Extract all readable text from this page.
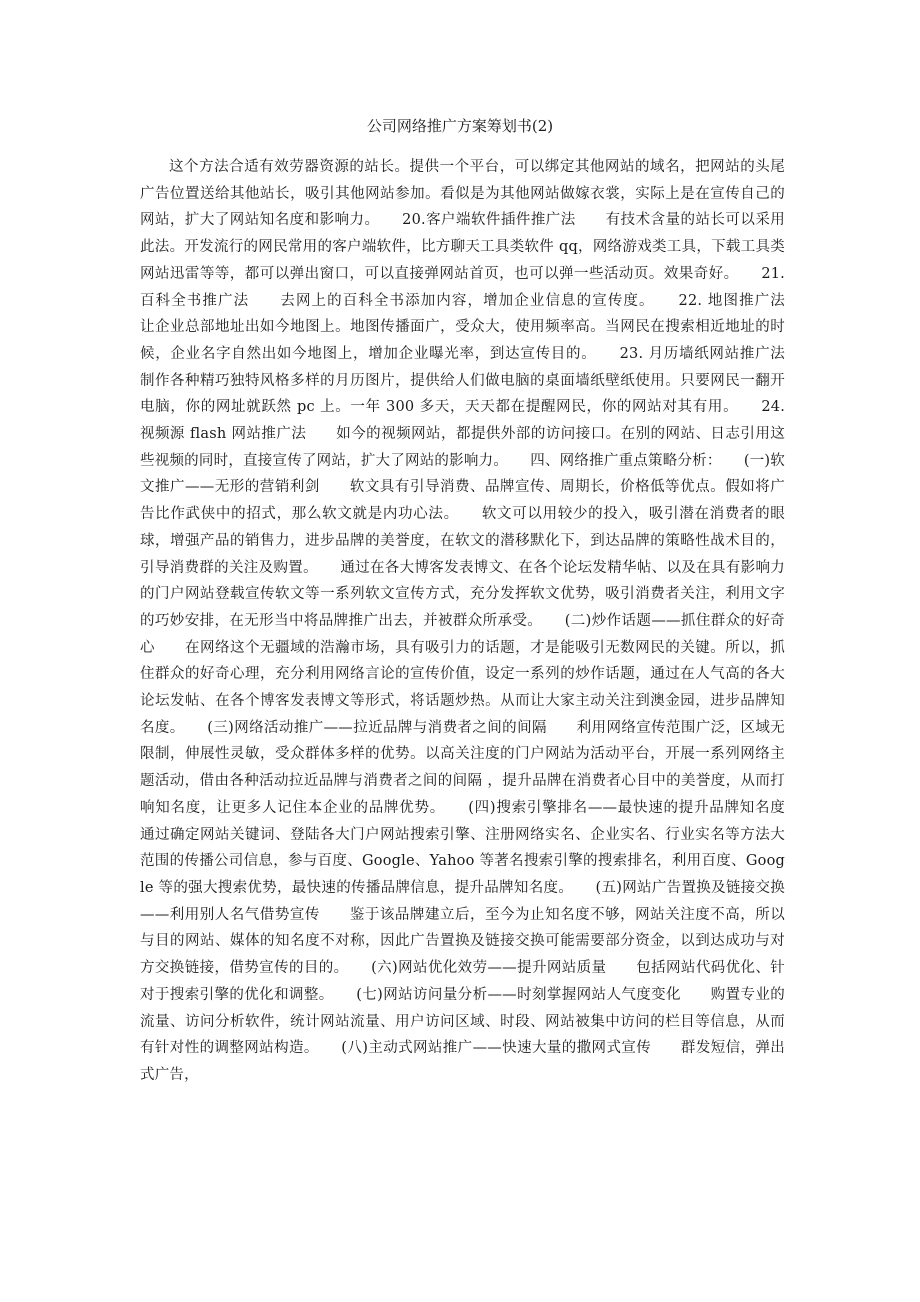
公司网络推广方案筹划书(2)
这个方法合适有效劳器资源的站长。提供一个平台，可以绑定其他网站的域名，把网站的头尾广告位置送给其他站长，吸引其他网站参加。看似是为其他网站做嫁衣裳，实际上是在宣传自己的网站，扩大了网站知名度和影响力。　　20.客户端软件插件推广法　　有技术含量的站长可以采用此法。开发流行的网民常用的客户端软件，比方聊天工具类软件 qq，网络游戏类工具，下载工具类网站迅雷等等，都可以弹出窗口，可以直接弹网站首页，也可以弹一些活动页。效果奇好。　　21.百科全书推广法　　去网上的百科全书添加内容，增加企业信息的宣传度。　　22. 地图推广法　　让企业总部地址出如今地图上。地图传播面广，受众大，使用频率高。当网民在搜索相近地址的时候，企业名字自然出如今地图上，增加企业曝光率，到达宣传目的。　　23. 月历墙纸网站推广法　　制作各种精巧独特风格多样的月历图片，提供给人们做电脑的桌面墙纸壁纸使用。只要网民一翻开电脑，你的网址就跃然 pc 上。一年 300 多天，天天都在提醒网民，你的网站对其有用。　　24. 视频源 flash 网站推广法　　如今的视频网站，都提供外部的访问接口。在别的网站、日志引用这些视频的同时，直接宣传了网站，扩大了网站的影响力。　　四、网络推广重点策略分析：　　(一)软文推广——无形的营销利剑　　软文具有引导消费、品牌宣传、周期长，价格低等优点。假如将广告比作武侠中的招式，那么软文就是内功心法。　　软文可以用较少的投入，吸引潜在消费者的眼球，增强产品的销售力，进步品牌的美誉度，在软文的潜移默化下，到达品牌的策略性战术目的，引导消费群的关注及购置。　　通过在各大博客发表博文、在各个论坛发精华帖、以及在具有影响力的门户网站登载宣传软文等一系列软文宣传方式，充分发挥软文优势，吸引消费者关注，利用文字的巧妙安排，在无形当中将品牌推广出去，并被群众所承受。　　(二)炒作话题——抓住群众的好奇心　　在网络这个无疆域的浩瀚市场，具有吸引力的话题，才是能吸引无数网民的关键。所以，抓住群众的好奇心理，充分利用网络言论的宣传价值，设定一系列的炒作话题，通过在人气高的各大论坛发帖、在各个博客发表博文等形式，将话题炒热。从而让大家主动关注到澳金园，进步品牌知名度。　　(三)网络活动推广——拉近品牌与消费者之间的间隔　　利用网络宣传范围广泛，区域无限制，伸展性灵敏，受众群体多样的优势。以高关注度的门户网站为活动平台，开展一系列网络主题活动，借由各种活动拉近品牌与消费者之间的间隔 ，提升品牌在消费者心目中的美誉度，从而打响知名度，让更多人记住本企业的品牌优势。　　(四)搜索引擎排名——最快速的提升品牌知名度　　通过确定网站关键词、登陆各大门户网站搜索引擎、注册网络实名、企业实名、行业实名等方法大范围的传播公司信息，参与百度、Google、Yahoo 等著名搜索引擎的搜索排名，利用百度、Google 等的强大搜索优势，最快速的传播品牌信息，提升品牌知名度。　　(五)网站广告置换及链接交换——利用别人名气借势宣传　　鉴于该品牌建立后，至今为止知名度不够，网站关注度不高，所以与目的网站、媒体的知名度不对称，因此广告置换及链接交换可能需要部分资金，以到达成功与对方交换链接，借势宣传的目的。　　(六)网站优化效劳——提升网站质量　　包括网站代码优化、针对于搜索引擎的优化和调整。　　(七)网站访问量分析——时刻掌握网站人气度变化　　购置专业的流量、访问分析软件，统计网站流量、用户访问区域、时段、网站被集中访问的栏目等信息，从而有针对性的调整网站构造。　　(八)主动式网站推广——快速大量的撒网式宣传　　群发短信，弹出式广告，
